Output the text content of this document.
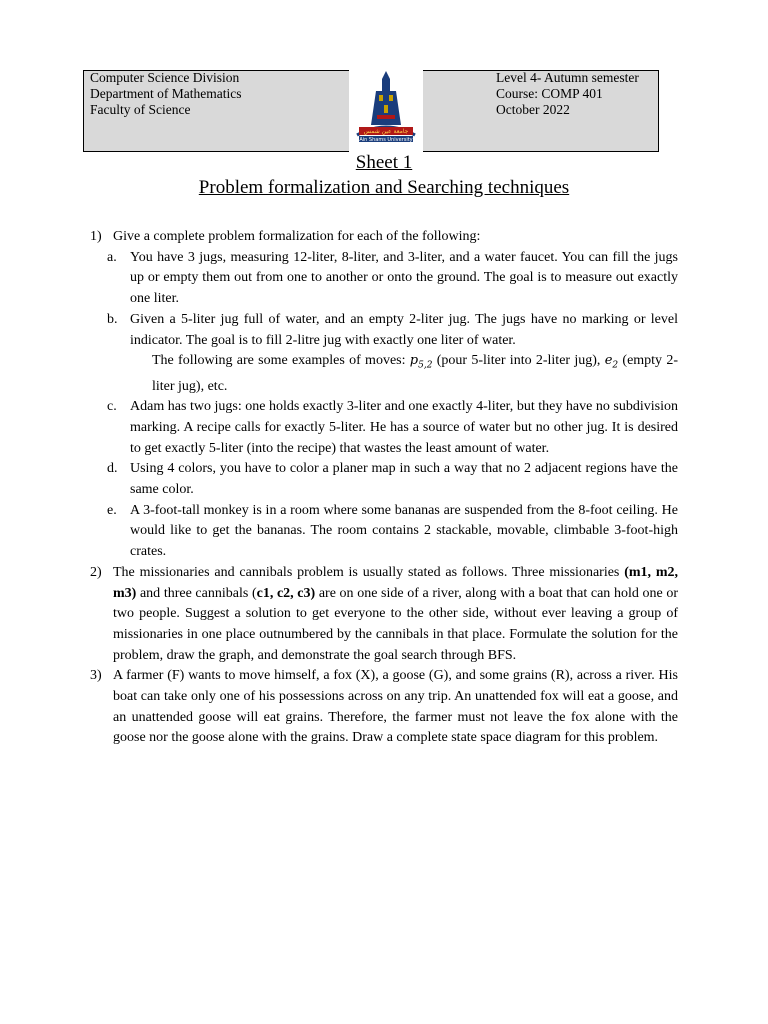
Computer Science Division
Department of Mathematics
Faculty of Science
جامعة عين شمس
Ain Shams University
Level 4- Autumn semester
Course: COMP 401
October 2022
Sheet 1
Problem formalization and Searching techniques
1) Give a complete problem formalization for each of the following:
a. You have 3 jugs, measuring 12-liter, 8-liter, and 3-liter, and a water faucet. You can fill the jugs up or empty them out from one to another or onto the ground. The goal is to measure out exactly one liter.
b. Given a 5-liter jug full of water, and an empty 2-liter jug. The jugs have no marking or level indicator. The goal is to fill 2-litre jug with exactly one liter of water.
The following are some examples of moves: $p_{5,2}$ (pour 5-liter into 2-liter jug), $e_2$ (empty 2-liter jug), etc.
c. Adam has two jugs: one holds exactly 3-liter and one exactly 4-liter, but they have no subdivision marking. A recipe calls for exactly 5-liter. He has a source of water but no other jug. It is desired to get exactly 5-liter (into the recipe) that wastes the least amount of water.
d. Using 4 colors, you have to color a planer map in such a way that no 2 adjacent regions have the same color.
e. A 3-foot-tall monkey is in a room where some bananas are suspended from the 8-foot ceiling. He would like to get the bananas. The room contains 2 stackable, movable, climbable 3-foot-high crates.
2) The missionaries and cannibals problem is usually stated as follows. Three missionaries (m1, m2, m3) and three cannibals (c1, c2, c3) are on one side of a river, along with a boat that can hold one or two people. Suggest a solution to get everyone to the other side, without ever leaving a group of missionaries in one place outnumbered by the cannibals in that place. Formulate the solution for the problem, draw the graph, and demonstrate the goal search through BFS.
3) A farmer (F) wants to move himself, a fox (X), a goose (G), and some grains (R), across a river. His boat can take only one of his possessions across on any trip. An unattended fox will eat a goose, and an unattended goose will eat grains. Therefore, the farmer must not leave the fox alone with the goose nor the goose alone with the grains. Draw a complete state space diagram for this problem.
